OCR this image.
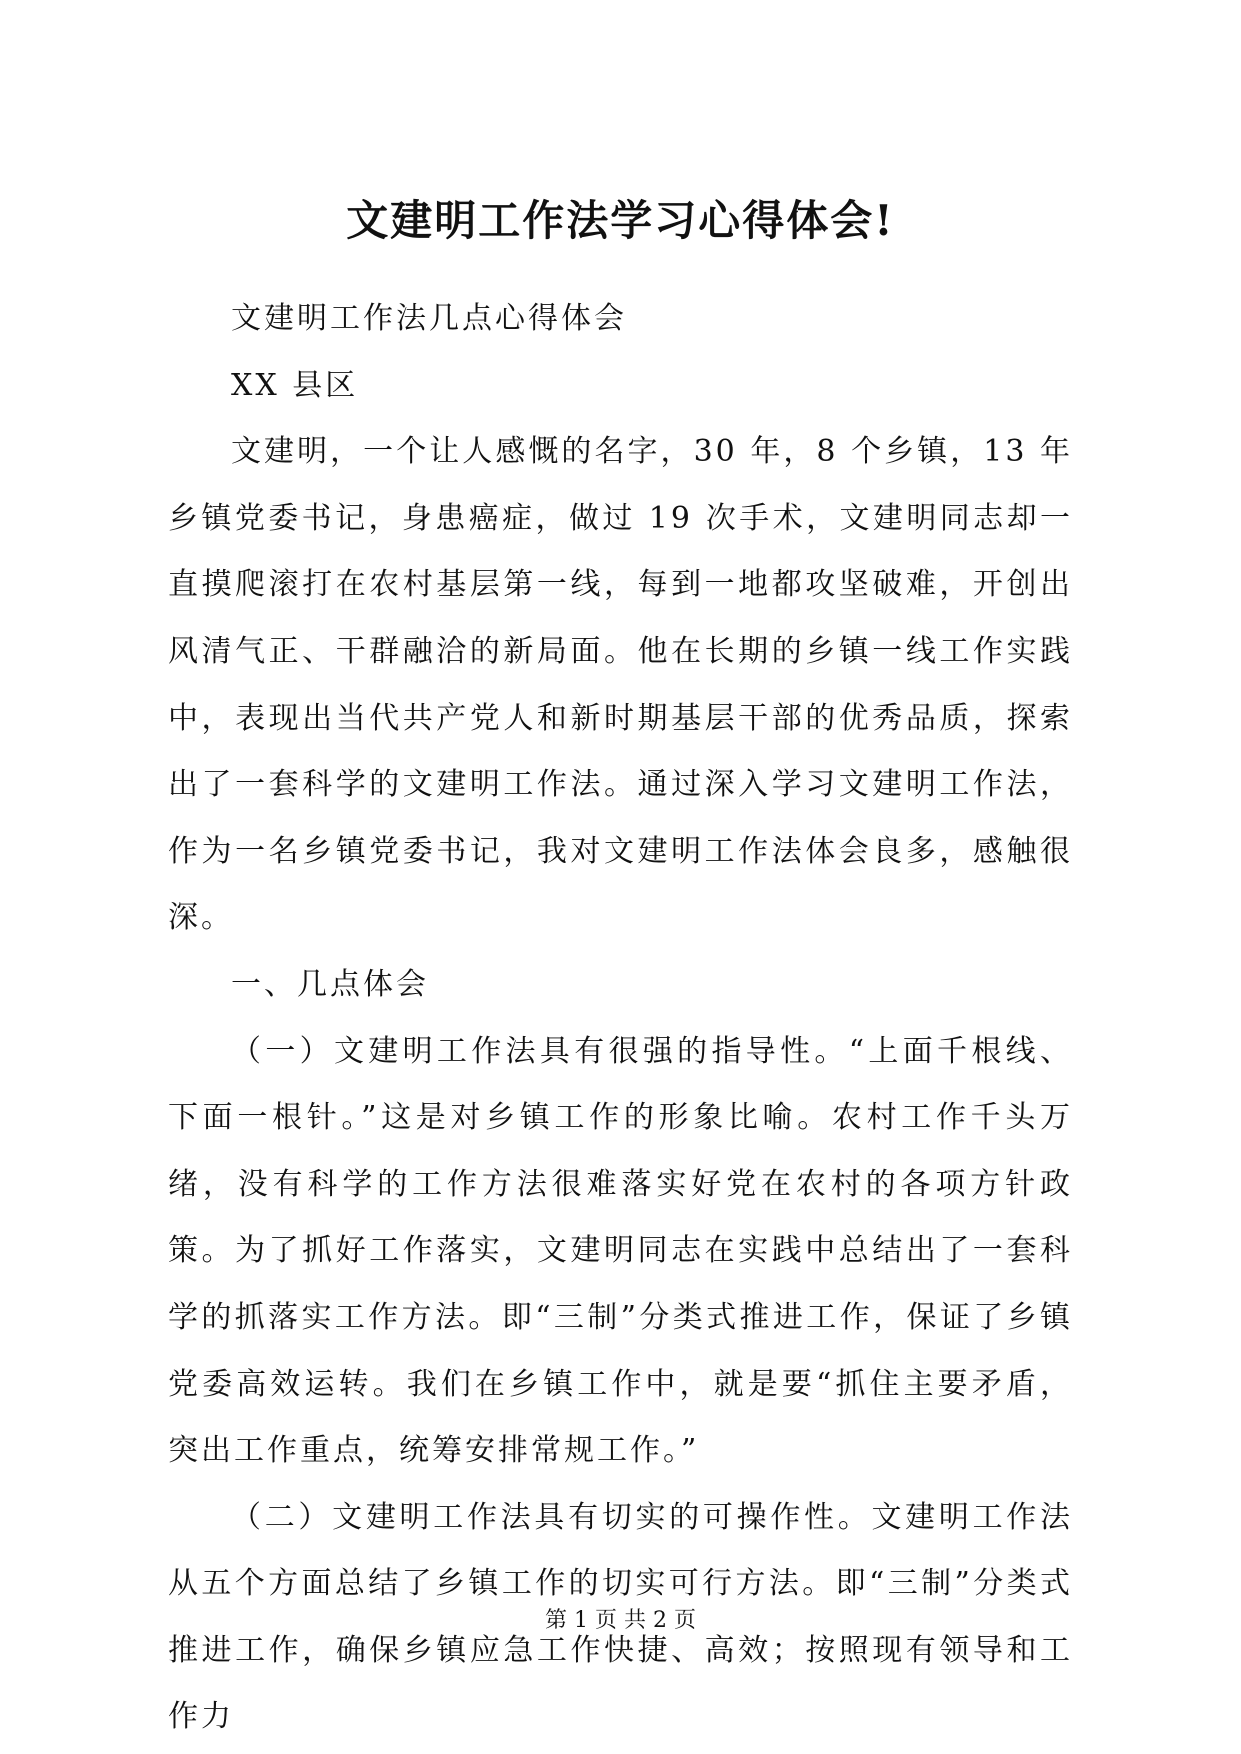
文建明工作法学习心得体会!

文建明工作法几点心得体会

XX 县区

文建明，一个让人感慨的名字，30 年，8 个乡镇，13 年乡镇党委书记，身患癌症，做过 19 次手术，文建明同志却一直摸爬滚打在农村基层第一线，每到一地都攻坚破难，开创出风清气正、干群融洽的新局面。他在长期的乡镇一线工作实践中，表现出当代共产党人和新时期基层干部的优秀品质，探索出了一套科学的文建明工作法。通过深入学习文建明工作法，作为一名乡镇党委书记，我对文建明工作法体会良多，感触很深。

一、几点体会

（一）文建明工作法具有很强的指导性。“上面千根线、下面一根针。”这是对乡镇工作的形象比喻。农村工作千头万绪，没有科学的工作方法很难落实好党在农村的各项方针政策。为了抓好工作落实，文建明同志在实践中总结出了一套科学的抓落实工作方法。即“三制”分类式推进工作，保证了乡镇党委高效运转。我们在乡镇工作中，就是要“抓住主要矛盾，突出工作重点，统筹安排常规工作。”

（二）文建明工作法具有切实的可操作性。文建明工作法从五个方面总结了乡镇工作的切实可行方法。即“三制”分类式推进工作，确保乡镇应急工作快捷、高效；按照现有领导和工作力

第 1 页 共 2 页
